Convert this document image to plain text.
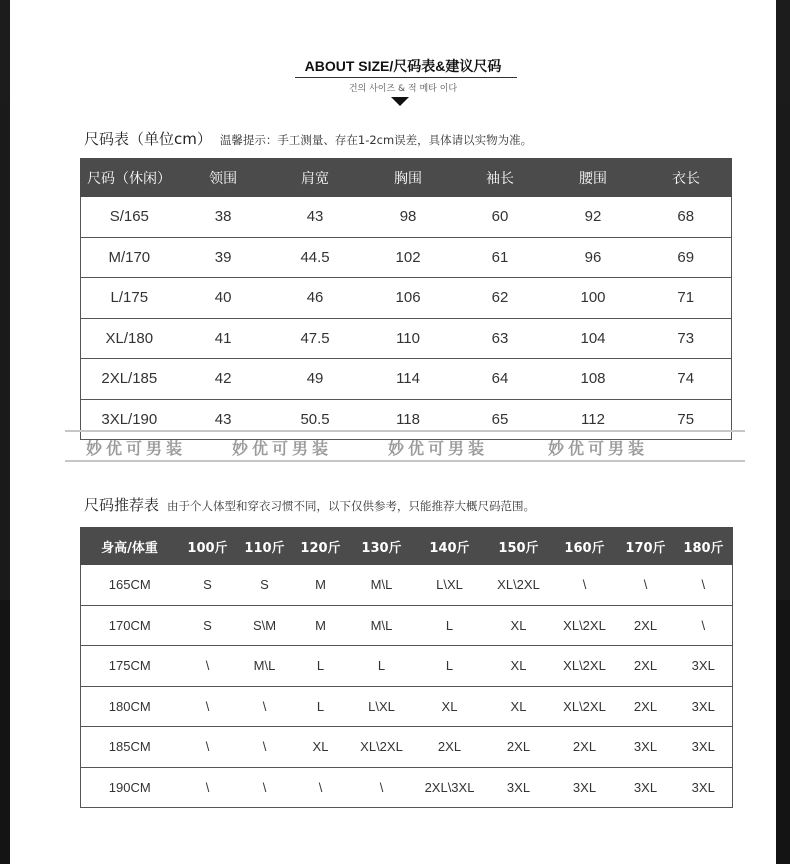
ABOUT SIZE/尺码表&建议尺码
건의 사이즈 & 적 메타 이다
尺码表（单位cm） 温馨提示：手工测量、存在1-2cm误差，具体请以实物为准。
尺码（休闲）	领围	肩宽	胸围	袖长	腰围	衣长
S/165	38	43	98	60	92	68
M/170	39	44.5	102	61	96	69
L/175	40	46	106	62	100	71
XL/180	41	47.5	110	63	104	73
2XL/185	42	49	114	64	108	74
3XL/190	43	50.5	118	65	112	75
妙优可男装	妙优可男装	妙优可男装	妙优可男装
尺码推荐表 由于个人体型和穿衣习惯不同，以下仅供参考，只能推荐大概尺码范围。
身高/体重	100斤	110斤	120斤	130斤	140斤	150斤	160斤	170斤	180斤
165CM	S	S	M	M\L	L\XL	XL\2XL	\	\	\
170CM	S	S\M	M	M\L	L	XL	XL\2XL	2XL	\
175CM	\	M\L	L	L	L	XL	XL\2XL	2XL	3XL
180CM	\	\	L	L\XL	XL	XL	XL\2XL	2XL	3XL
185CM	\	\	XL	XL\2XL	2XL	2XL	2XL	3XL	3XL
190CM	\	\	\	\	2XL\3XL	3XL	3XL	3XL	3XL
